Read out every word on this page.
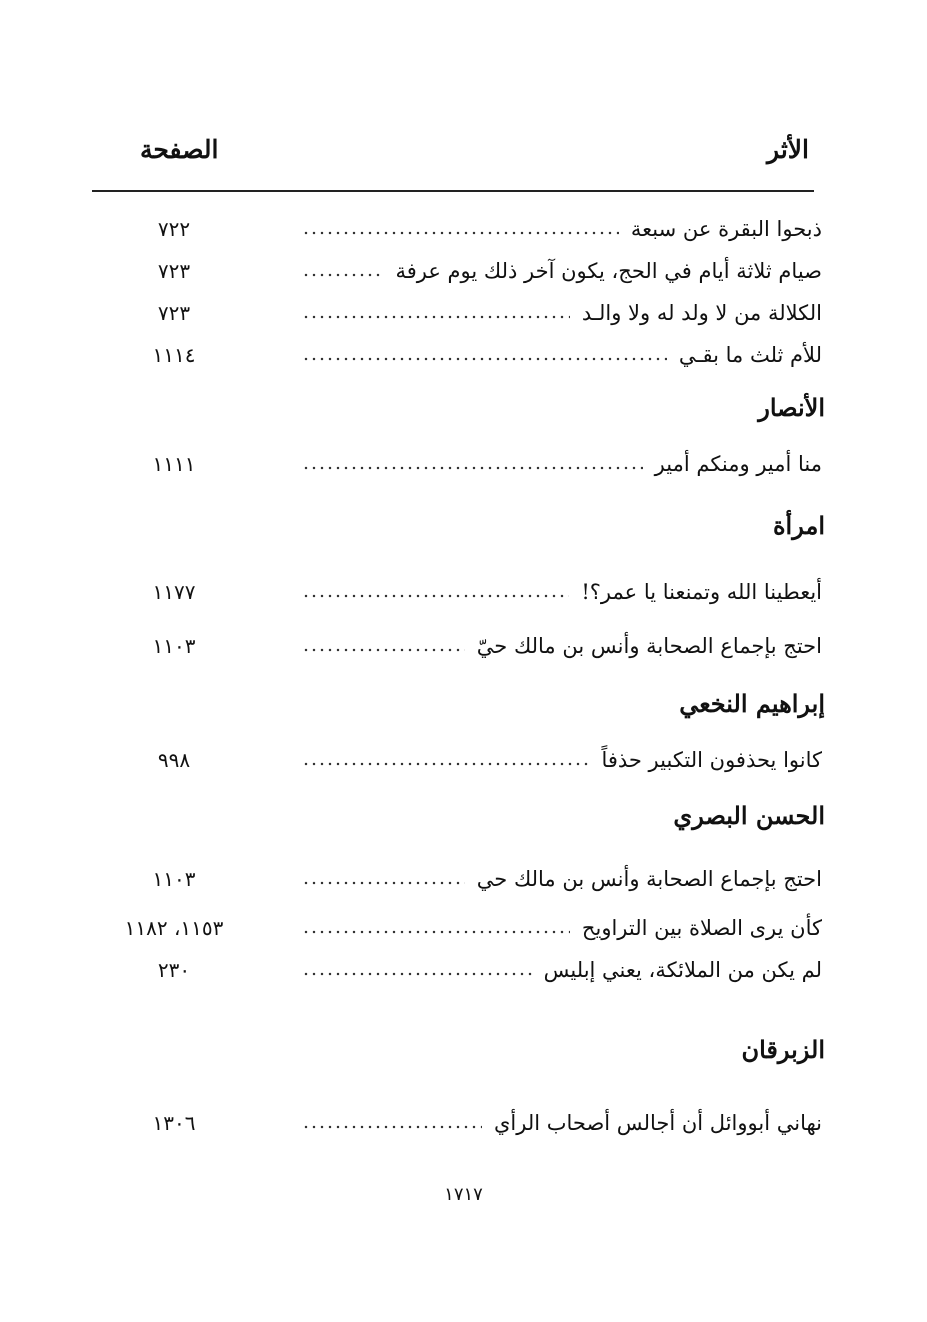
الأثر
الصفحة
ذبحوا البقرة عن سبعة
٧٢٢
صيام ثلاثة أيام في الحج، يكون آخر ذلك يوم عرفة
٧٢٣
الكلالة من لا ولد له ولا والـد
٧٢٣
للأم ثلث ما بقـي
١١١٤
الأنصار
منا أمير ومنكم أمير
١١١١
امرأة
أيعطينا الله وتمنعنا يا عمر؟!
١١٧٧
احتج بإجماع الصحابة وأنس بن مالك حيّ
١١٠٣
إبراهيم النخعي
كانوا يحذفون التكبير حذفاً
٩٩٨
الحسن البصري
احتج بإجماع الصحابة وأنس بن مالك حي
١١٠٣
كأن يرى الصلاة بين التراويح
١١٥٣، ١١٨٢
لم يكن من الملائكة، يعني إبليس
٢٣٠
الزبرقان
نهاني أبووائل أن أجالس أصحاب الرأي
١٣٠٦
١٧١٧
